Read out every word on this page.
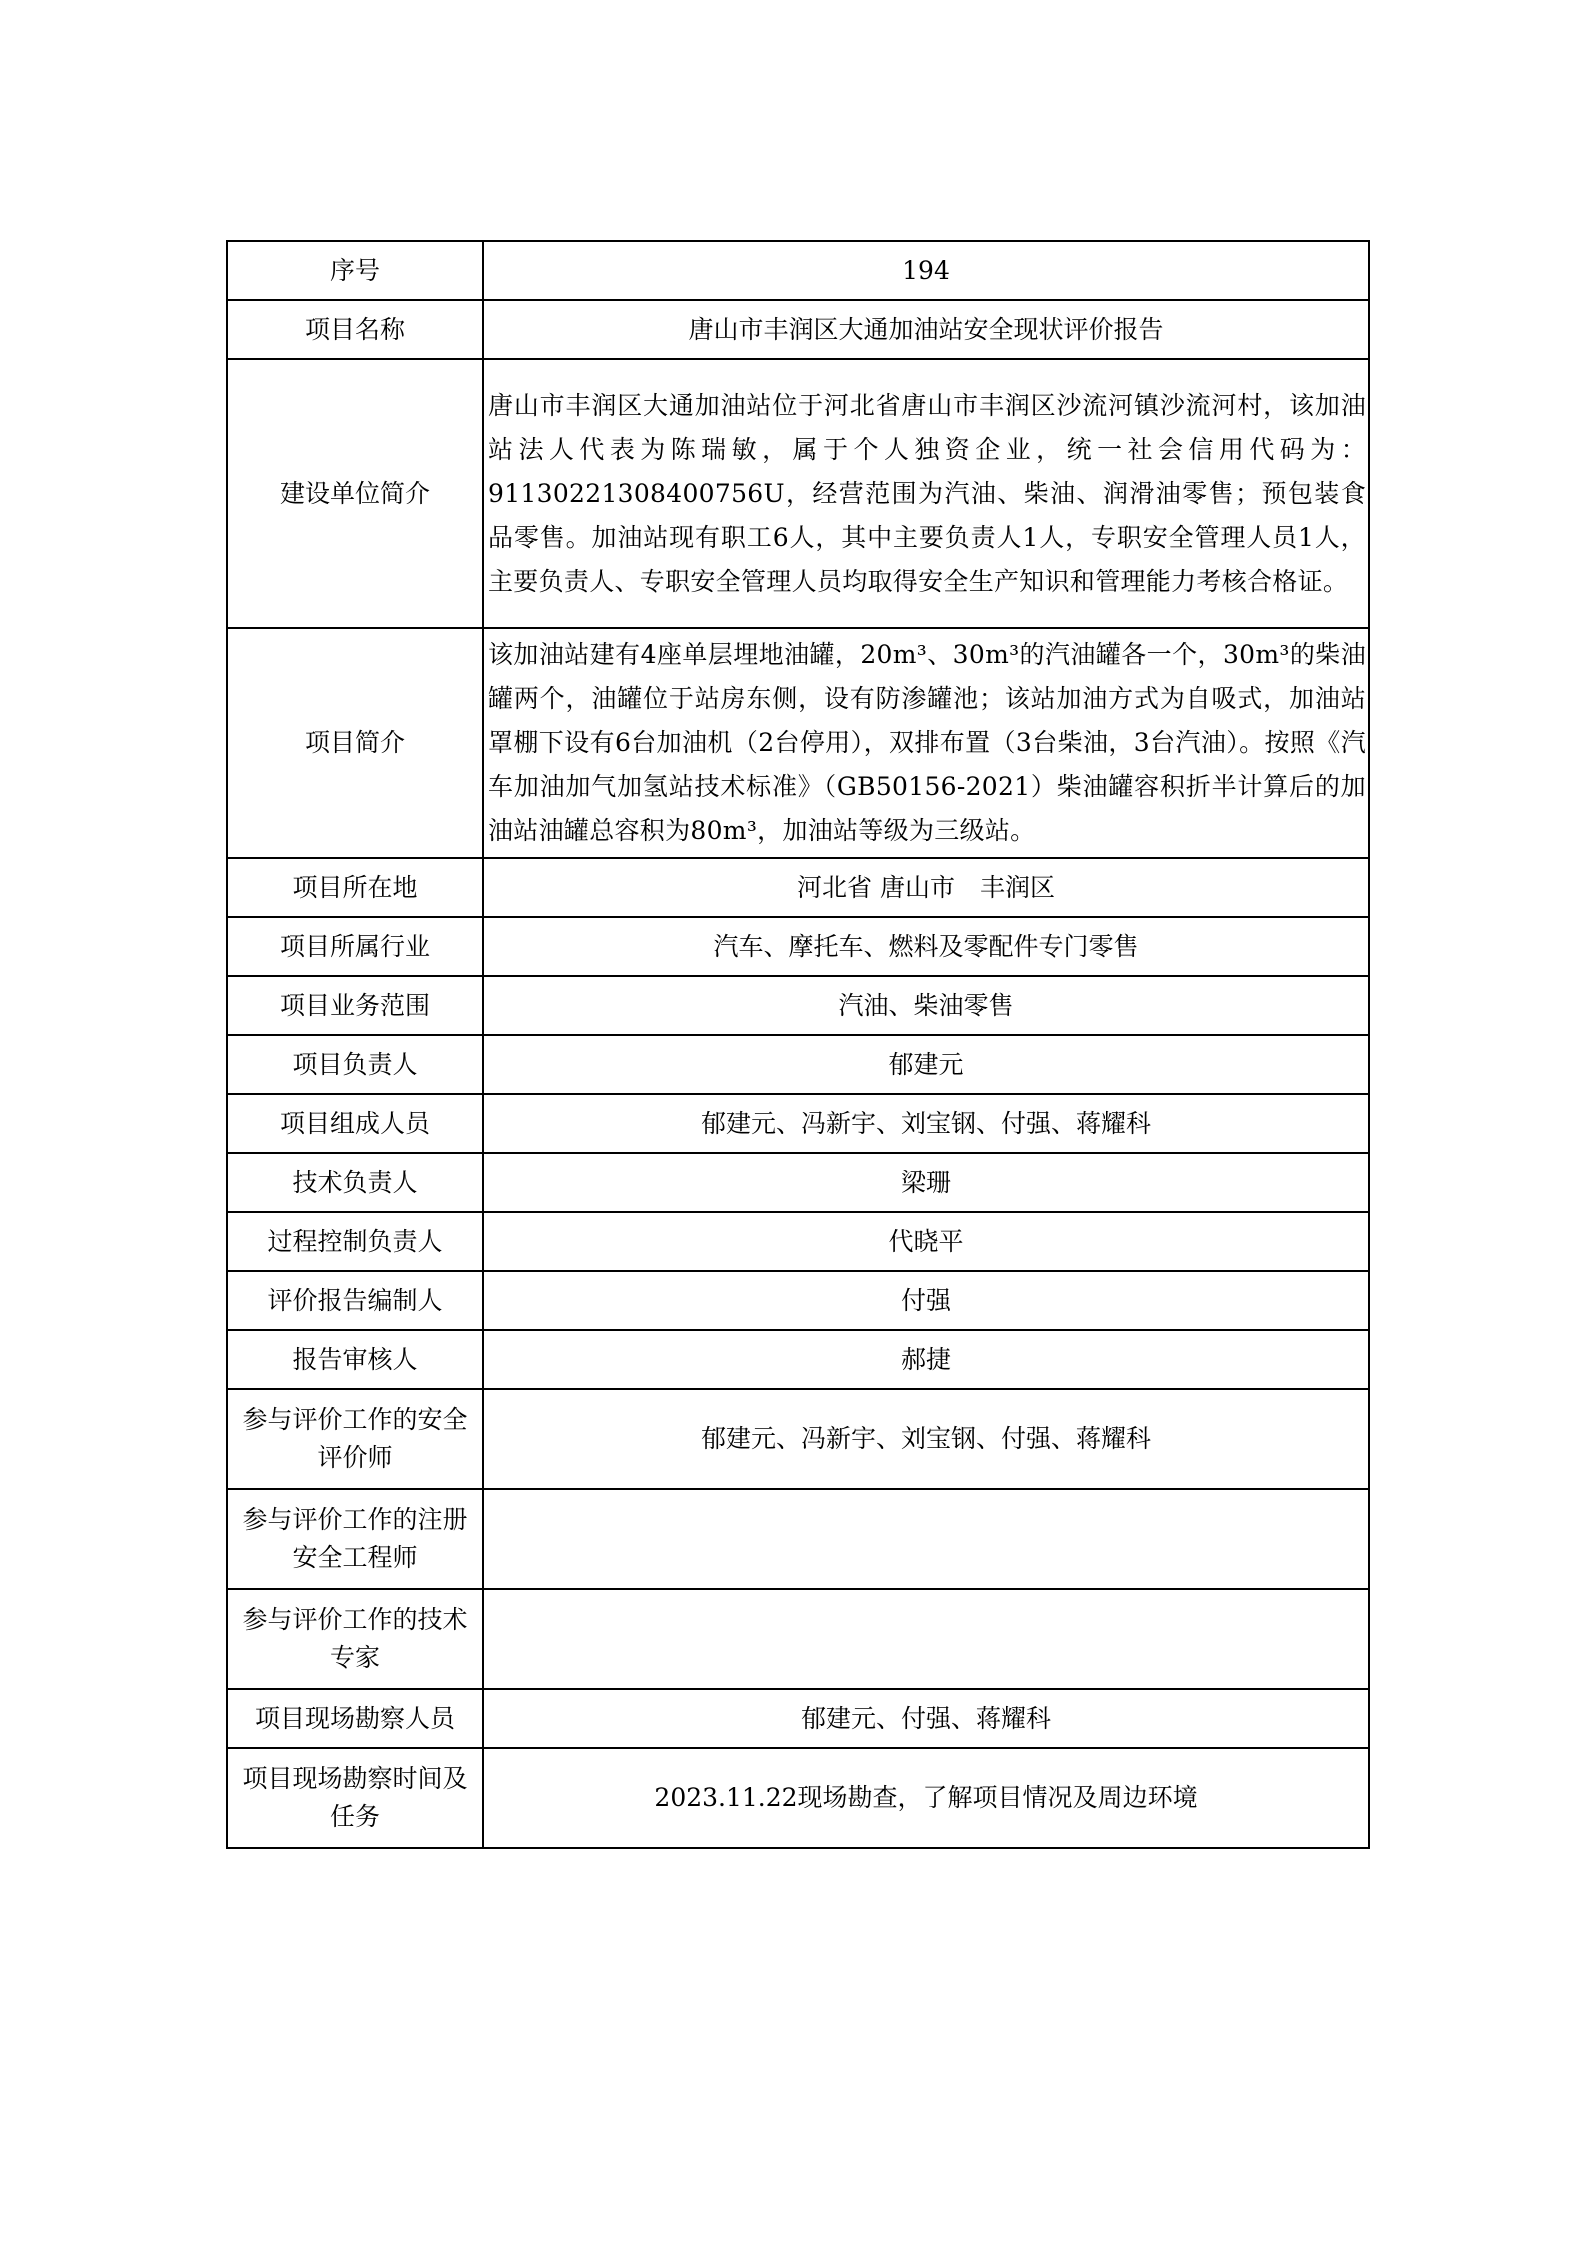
序号	194
项目名称	唐山市丰润区大通加油站安全现状评价报告
建设单位简介	唐山市丰润区大通加油站位于河北省唐山市丰润区沙流河镇沙流河村，该加油站法人代表为陈瑞敏，属于个人独资企业，统一社会信用代码为：91130221308400756U，经营范围为汽油、柴油、润滑油零售；预包装食品零售。加油站现有职工6人，其中主要负责人1人，专职安全管理人员1人，主要负责人、专职安全管理人员均取得安全生产知识和管理能力考核合格证。
项目简介	该加油站建有4座单层埋地油罐，20m³、30m³的汽油罐各一个，30m³的柴油罐两个，油罐位于站房东侧，设有防渗罐池；该站加油方式为自吸式，加油站罩棚下设有6台加油机（2台停用），双排布置（3台柴油，3台汽油）。按照《汽车加油加气加氢站技术标准》（GB50156-2021）柴油罐容积折半计算后的加油站油罐总容积为80m³，加油站等级为三级站。
项目所在地	河北省 唐山市　丰润区
项目所属行业	汽车、摩托车、燃料及零配件专门零售
项目业务范围	汽油、柴油零售
项目负责人	郁建元
项目组成人员	郁建元、冯新宇、刘宝钢、付强、蒋耀科
技术负责人	梁珊
过程控制负责人	代晓平
评价报告编制人	付强
报告审核人	郝捷
参与评价工作的安全评价师	郁建元、冯新宇、刘宝钢、付强、蒋耀科
参与评价工作的注册安全工程师	
参与评价工作的技术专家	
项目现场勘察人员	郁建元、付强、蒋耀科
项目现场勘察时间及任务	2023.11.22现场勘查，了解项目情况及周边环境
